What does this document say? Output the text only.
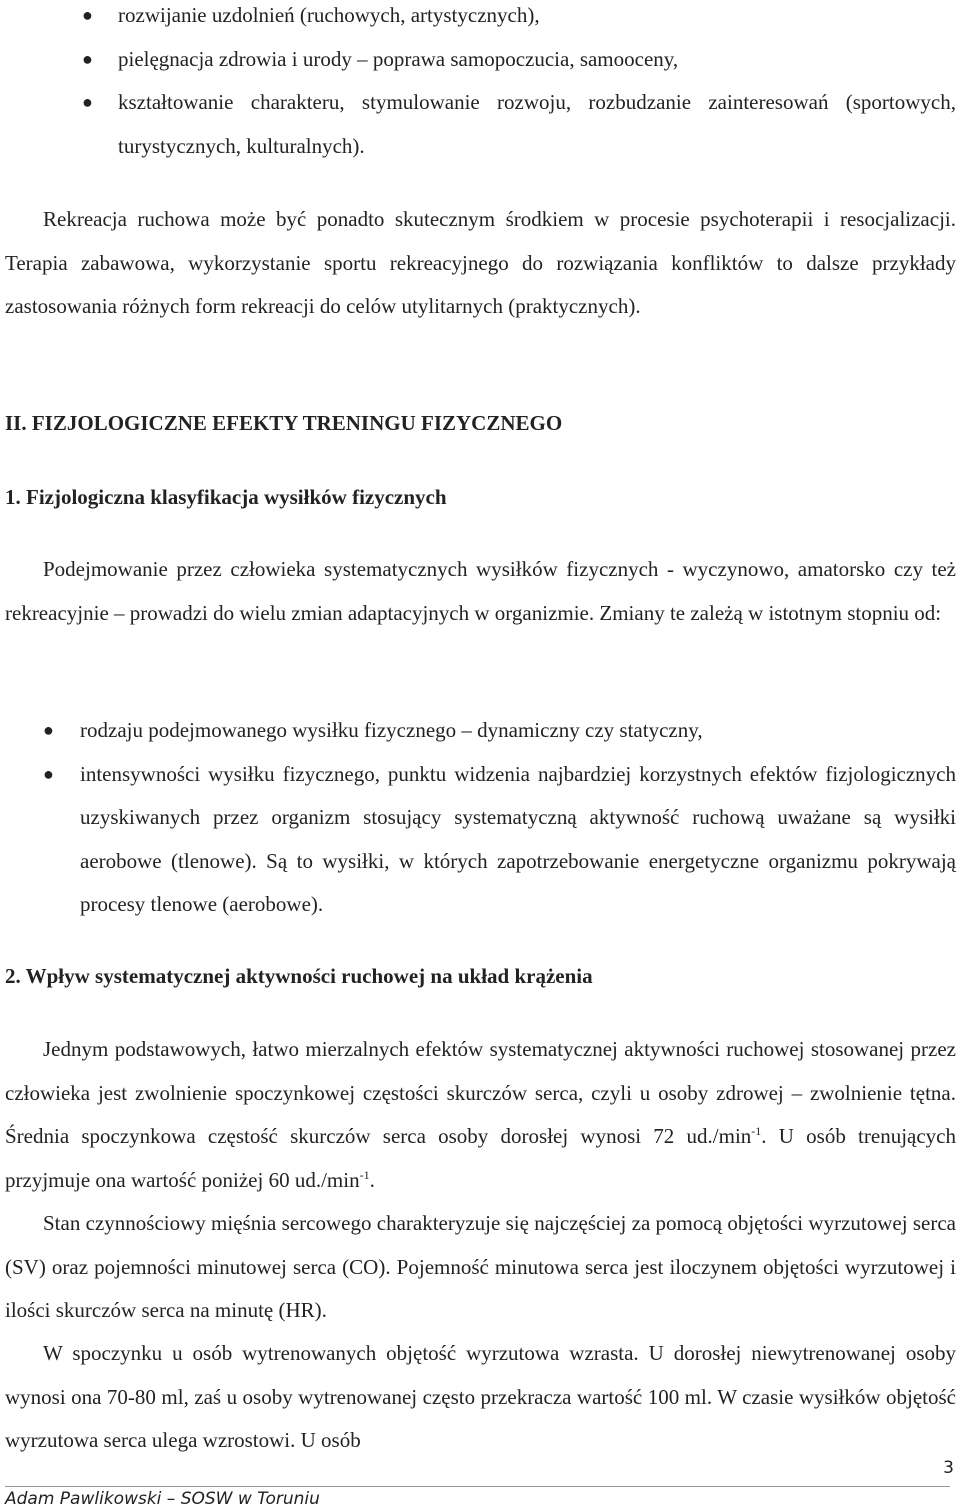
● rozwijanie uzdolnień (ruchowych, artystycznych),
● pielęgnacja zdrowia i urody – poprawa samopoczucia, samooceny,
● kształtowanie charakteru, stymulowanie rozwoju, rozbudzanie zainteresowań (sportowych, turystycznych, kulturalnych).

Rekreacja ruchowa może być ponadto skutecznym środkiem w procesie psychoterapii i resocjalizacji. Terapia zabawowa, wykorzystanie sportu rekreacyjnego do rozwiązania konfliktów to dalsze przykłady zastosowania różnych form rekreacji do celów utylitarnych (praktycznych).

II. FIZJOLOGICZNE EFEKTY TRENINGU FIZYCZNEGO
1. Fizjologiczna klasyfikacja wysiłków fizycznych

Podejmowanie przez człowieka systematycznych wysiłków fizycznych - wyczynowo, amatorsko czy też rekreacyjnie – prowadzi do wielu zmian adaptacyjnych w organizmie. Zmiany te zależą w istotnym stopniu od:

● rodzaju podejmowanego wysiłku fizycznego – dynamiczny czy statyczny,
● intensywności wysiłku fizycznego, punktu widzenia najbardziej korzystnych efektów fizjologicznych uzyskiwanych przez organizm stosujący systematyczną aktywność ruchową uważane są wysiłki aerobowe (tlenowe). Są to wysiłki, w których zapotrzebowanie energetyczne organizmu pokrywają procesy tlenowe (aerobowe).
2. Wpływ systematycznej aktywności ruchowej na układ krążenia

Jednym podstawowych, łatwo mierzalnych efektów systematycznej aktywności ruchowej stosowanej przez człowieka jest zwolnienie spoczynkowej częstości skurczów serca, czyli u osoby zdrowej – zwolnienie tętna. Średnia spoczynkowa częstość skurczów serca osoby dorosłej wynosi 72 $ud./\min^{-1}$. U osób trenujących przyjmuje ona wartość poniżej 60 $ud./\min^{-1}$.

Stan czynnościowy mięśnia sercowego charakteryzuje się najczęściej za pomocą objętości wyrzutowej serca (SV) oraz pojemności minutowej serca (CO). Pojemność minutowa serca jest iloczynem objętości wyrzutowej i ilości skurczów serca na minutę (HR).

W spoczynku u osób wytrenowanych objętość wyrzutowa wzrasta. U dorosłej niewytrenowanej osoby wynosi ona 70-80 ml, zaś u osoby wytrenowanej często przekracza wartość 100 ml. W czasie wysiłków objętość wyrzutowa serca ulega wzrostowi. U osób

3
Adam Pawlikowski – SOSW w Toruniu
